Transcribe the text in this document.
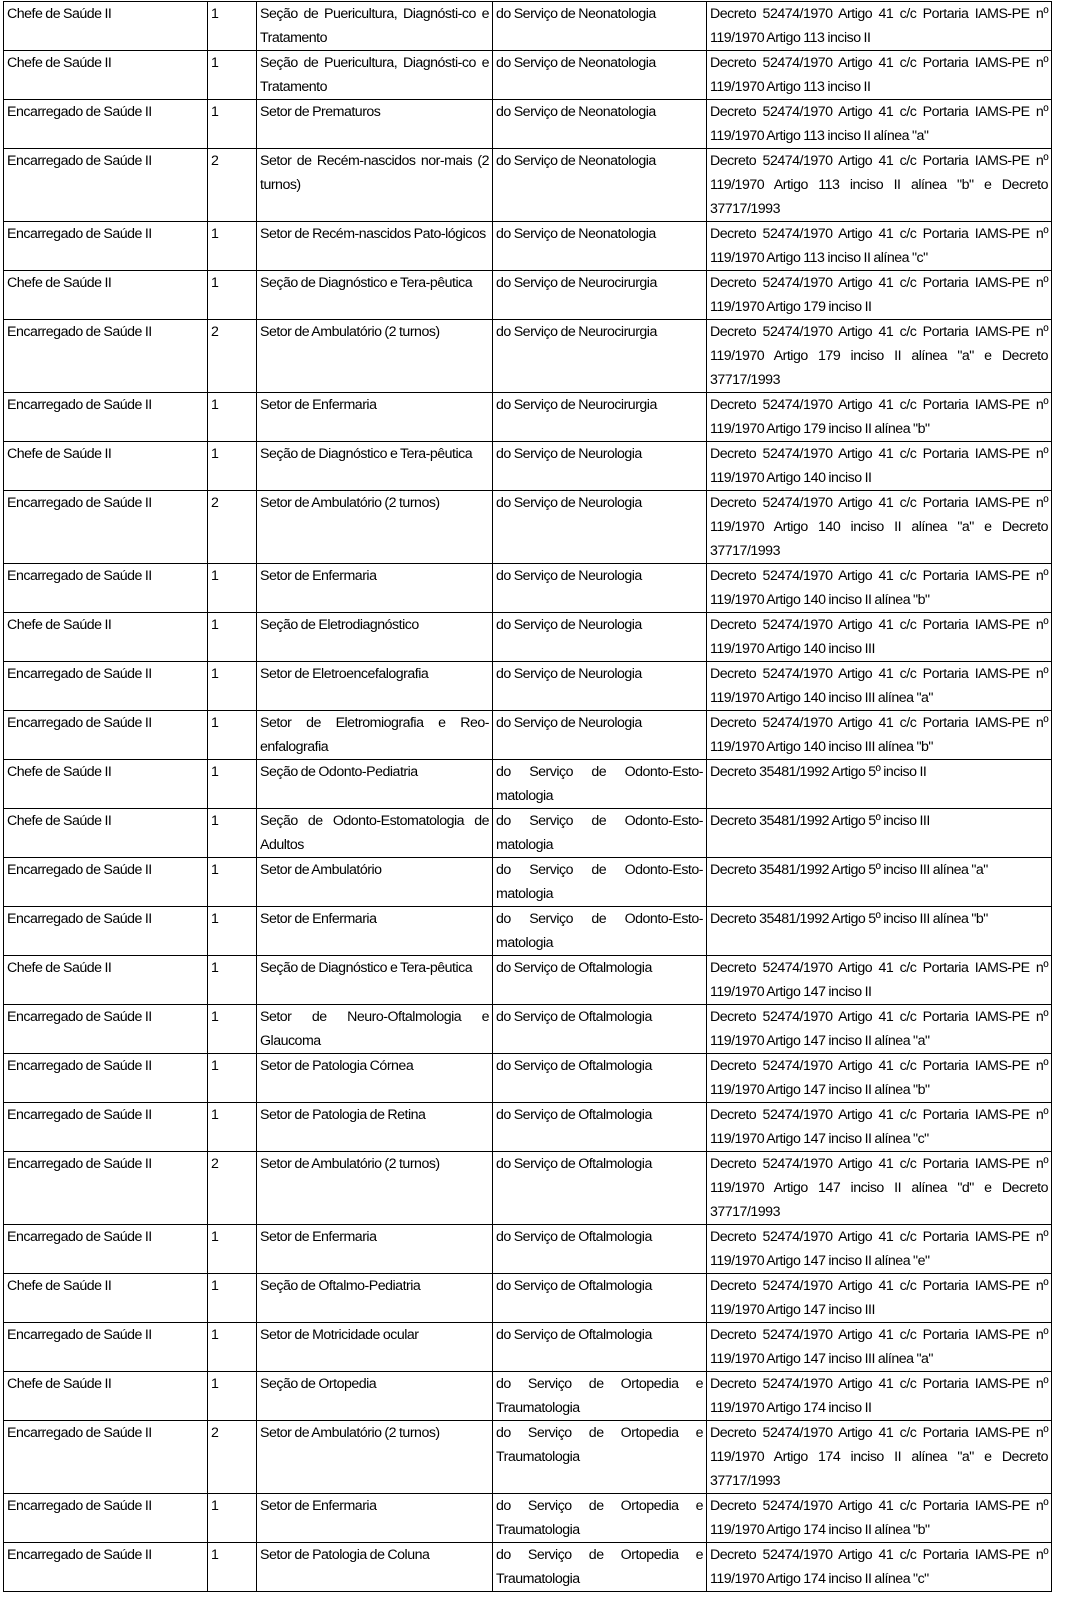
Chefe de Saúde II	1	Seção de Puericultura, Diagnósti-co e Tratamento	do Serviço de Neonatologia	Decreto 52474/1970 Artigo 41 c/c Portaria IAMS-PE nº 119/1970 Artigo 113 inciso II

Chefe de Saúde II	1	Seção de Puericultura, Diagnósti-co e Tratamento	do Serviço de Neonatologia	Decreto 52474/1970 Artigo 41 c/c Portaria IAMS-PE nº 119/1970 Artigo 113 inciso II

Encarregado de Saúde II	1	Setor de Prematuros	do Serviço de Neonatologia	Decreto 52474/1970 Artigo 41 c/c Portaria IAMS-PE nº 119/1970 Artigo 113 inciso II alínea "a"

Encarregado de Saúde II	2	Setor de Recém-nascidos nor-mais (2 turnos)	do Serviço de Neonatologia	Decreto 52474/1970 Artigo 41 c/c Portaria IAMS-PE nº 119/1970 Artigo 113 inciso II alínea "b" e Decreto 37717/1993

Encarregado de Saúde II	1	Setor de Recém-nascidos Pato-lógicos	do Serviço de Neonatologia	Decreto 52474/1970 Artigo 41 c/c Portaria IAMS-PE nº 119/1970 Artigo 113 inciso II alínea "c"

Chefe de Saúde II	1	Seção de Diagnóstico e Tera-pêutica	do Serviço de Neurocirurgia	Decreto 52474/1970 Artigo 41 c/c Portaria IAMS-PE nº 119/1970 Artigo 179 inciso II

Encarregado de Saúde II	2	Setor de Ambulatório (2 turnos)	do Serviço de Neurocirurgia	Decreto 52474/1970 Artigo 41 c/c Portaria IAMS-PE nº 119/1970 Artigo 179 inciso II alínea "a" e Decreto 37717/1993

Encarregado de Saúde II	1	Setor de Enfermaria	do Serviço de Neurocirurgia	Decreto 52474/1970 Artigo 41 c/c Portaria IAMS-PE nº 119/1970 Artigo 179 inciso II alínea "b"

Chefe de Saúde II	1	Seção de Diagnóstico e Tera-pêutica	do Serviço de Neurologia	Decreto 52474/1970 Artigo 41 c/c Portaria IAMS-PE nº 119/1970 Artigo 140 inciso II

Encarregado de Saúde II	2	Setor de Ambulatório (2 turnos)	do Serviço de Neurologia	Decreto 52474/1970 Artigo 41 c/c Portaria IAMS-PE nº 119/1970 Artigo 140 inciso II alínea "a" e Decreto 37717/1993

Encarregado de Saúde II	1	Setor de Enfermaria	do Serviço de Neurologia	Decreto 52474/1970 Artigo 41 c/c Portaria IAMS-PE nº 119/1970 Artigo 140 inciso II alínea "b"

Chefe de Saúde II	1	Seção de Eletrodiagnóstico	do Serviço de Neurologia	Decreto 52474/1970 Artigo 41 c/c Portaria IAMS-PE nº 119/1970 Artigo 140 inciso III

Encarregado de Saúde II	1	Setor de Eletroencefalografia	do Serviço de Neurologia	Decreto 52474/1970 Artigo 41 c/c Portaria IAMS-PE nº 119/1970 Artigo 140 inciso III alínea "a"

Encarregado de Saúde II	1	Setor de Eletromiografia e Reo-enfalografia	do Serviço de Neurologia	Decreto 52474/1970 Artigo 41 c/c Portaria IAMS-PE nº 119/1970 Artigo 140 inciso III alínea "b"

Chefe de Saúde II	1	Seção de Odonto-Pediatria	do Serviço de Odonto-Esto-matologia	Decreto 35481/1992 Artigo 5º inciso II

Chefe de Saúde II	1	Seção de Odonto-Estomatologia de Adultos	do Serviço de Odonto-Esto-matologia	Decreto 35481/1992 Artigo 5º inciso III

Encarregado de Saúde II	1	Setor de Ambulatório	do Serviço de Odonto-Esto-matologia	Decreto 35481/1992 Artigo 5º inciso III alínea "a"

Encarregado de Saúde II	1	Setor de Enfermaria	do Serviço de Odonto-Esto-matologia	Decreto 35481/1992 Artigo 5º inciso III alínea "b"

Chefe de Saúde II	1	Seção de Diagnóstico e Tera-pêutica	do Serviço de Oftalmologia	Decreto 52474/1970 Artigo 41 c/c Portaria IAMS-PE nº 119/1970 Artigo 147 inciso II

Encarregado de Saúde II	1	Setor de Neuro-Oftalmologia e Glaucoma	do Serviço de Oftalmologia	Decreto 52474/1970 Artigo 41 c/c Portaria IAMS-PE nº 119/1970 Artigo 147 inciso II alínea "a"

Encarregado de Saúde II	1	Setor de Patologia Córnea	do Serviço de Oftalmologia	Decreto 52474/1970 Artigo 41 c/c Portaria IAMS-PE nº 119/1970 Artigo 147 inciso II alínea "b"

Encarregado de Saúde II	1	Setor de Patologia de Retina	do Serviço de Oftalmologia	Decreto 52474/1970 Artigo 41 c/c Portaria IAMS-PE nº 119/1970 Artigo 147 inciso II alínea "c"

Encarregado de Saúde II	2	Setor de Ambulatório (2 turnos)	do Serviço de Oftalmologia	Decreto 52474/1970 Artigo 41 c/c Portaria IAMS-PE nº 119/1970 Artigo 147 inciso II alínea "d" e Decreto 37717/1993

Encarregado de Saúde II	1	Setor de Enfermaria	do Serviço de Oftalmologia	Decreto 52474/1970 Artigo 41 c/c Portaria IAMS-PE nº 119/1970 Artigo 147 inciso II alínea "e"

Chefe de Saúde II	1	Seção de Oftalmo-Pediatria	do Serviço de Oftalmologia	Decreto 52474/1970 Artigo 41 c/c Portaria IAMS-PE nº 119/1970 Artigo 147 inciso III

Encarregado de Saúde II	1	Setor de Motricidade ocular	do Serviço de Oftalmologia	Decreto 52474/1970 Artigo 41 c/c Portaria IAMS-PE nº 119/1970 Artigo 147 inciso III alínea "a"

Chefe de Saúde II	1	Seção de Ortopedia	do Serviço de Ortopedia e Traumatologia	Decreto 52474/1970 Artigo 41 c/c Portaria IAMS-PE nº 119/1970 Artigo 174 inciso II

Encarregado de Saúde II	2	Setor de Ambulatório (2 turnos)	do Serviço de Ortopedia e Traumatologia	Decreto 52474/1970 Artigo 41 c/c Portaria IAMS-PE nº 119/1970 Artigo 174 inciso II alínea "a" e Decreto 37717/1993

Encarregado de Saúde II	1	Setor de Enfermaria	do Serviço de Ortopedia e Traumatologia	Decreto 52474/1970 Artigo 41 c/c Portaria IAMS-PE nº 119/1970 Artigo 174 inciso II alínea "b"

Encarregado de Saúde II	1	Setor de Patologia de Coluna	do Serviço de Ortopedia e Traumatologia	Decreto 52474/1970 Artigo 41 c/c Portaria IAMS-PE nº 119/1970 Artigo 174 inciso II alínea "c"
